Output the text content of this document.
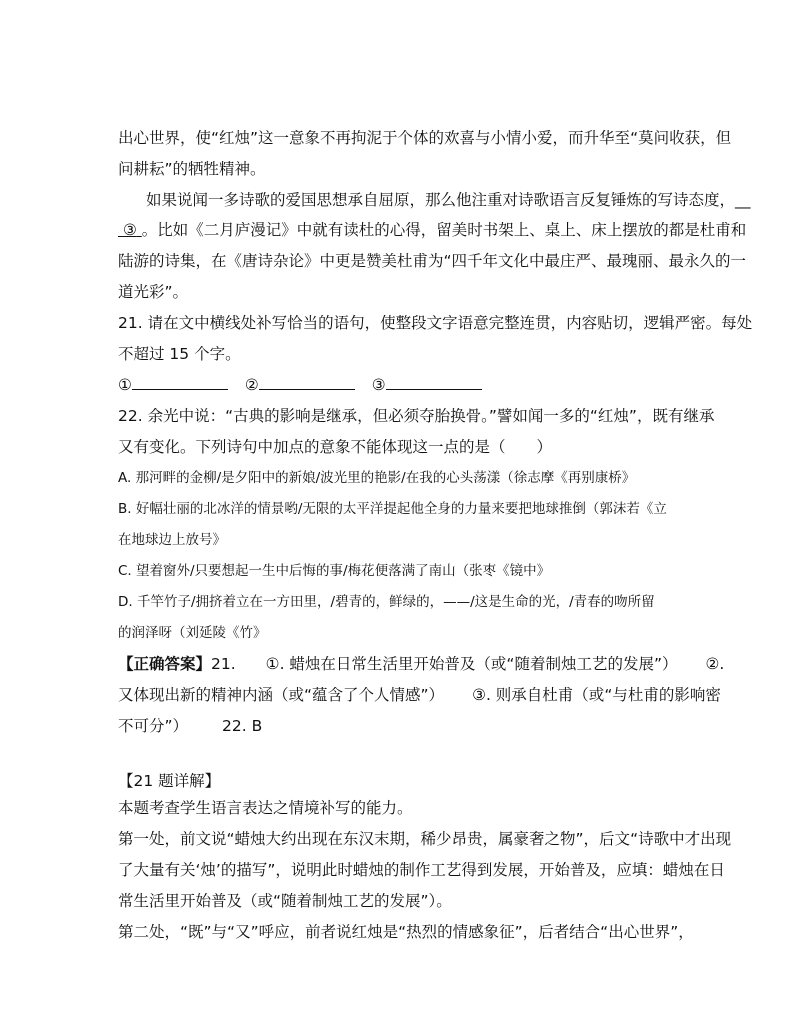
出心世界，使“红烛”这一意象不再拘泥于个体的欢喜与小情小爱，而升华至“莫问收获，但
问耕耘”的牺牲精神。
如果说闻一多诗歌的爱国思想承自屈原，那么他注重对诗歌语言反复锤炼的写诗态度，__
③ 。比如《二月庐漫记》中就有读杜的心得，留美时书架上、桌上、床上摆放的都是杜甫和
陆游的诗集，在《唐诗杂论》中更是赞美杜甫为“四千年文化中最庄严、最瑰丽、最永久的一
道光彩”。
21. 请在文中横线处补写恰当的语句，使整段文字语意完整连贯，内容贴切，逻辑严密。每处
不超过 15 个字。
①	②	③
22. 余光中说：“古典的影响是继承，但必须夺胎换骨。”譬如闻一多的“红烛”，既有继承
又有变化。下列诗句中加点的意象不能体现这一点的是（　　）
A. 那河畔的金柳/是夕阳中的新娘/波光里的艳影/在我的心头荡漾（徐志摩《再别康桥》
B. 好幅壮丽的北冰洋的情景哟/无限的太平洋提起他全身的力量来要把地球推倒（郭沫若《立
在地球边上放号》
C. 望着窗外/只要想起一生中后悔的事/梅花便落满了南山（张枣《镜中》
D. 千竿竹子/拥挤着立在一方田里，/碧青的，鲜绿的，——/这是生命的光，/青春的吻所留
的润泽呀（刘延陵《竹》
【正确答案】21. ①. 蜡烛在日常生活里开始普及（或“随着制烛工艺的发展”） ②.
又体现出新的精神内涵（或“蕴含了个人情感”） ③. 则承自杜甫（或“与杜甫的影响密
不可分”） 22. B
【21 题详解】
本题考查学生语言表达之情境补写的能力。
第一处，前文说“蜡烛大约出现在东汉末期，稀少昂贵，属豪奢之物”，后文“诗歌中才出现
了大量有关‘烛’的描写”，说明此时蜡烛的制作工艺得到发展，开始普及，应填：蜡烛在日
常生活里开始普及（或“随着制烛工艺的发展”）。
第二处，“既”与“又”呼应，前者说红烛是“热烈的情感象征”，后者结合“出心世界”，
